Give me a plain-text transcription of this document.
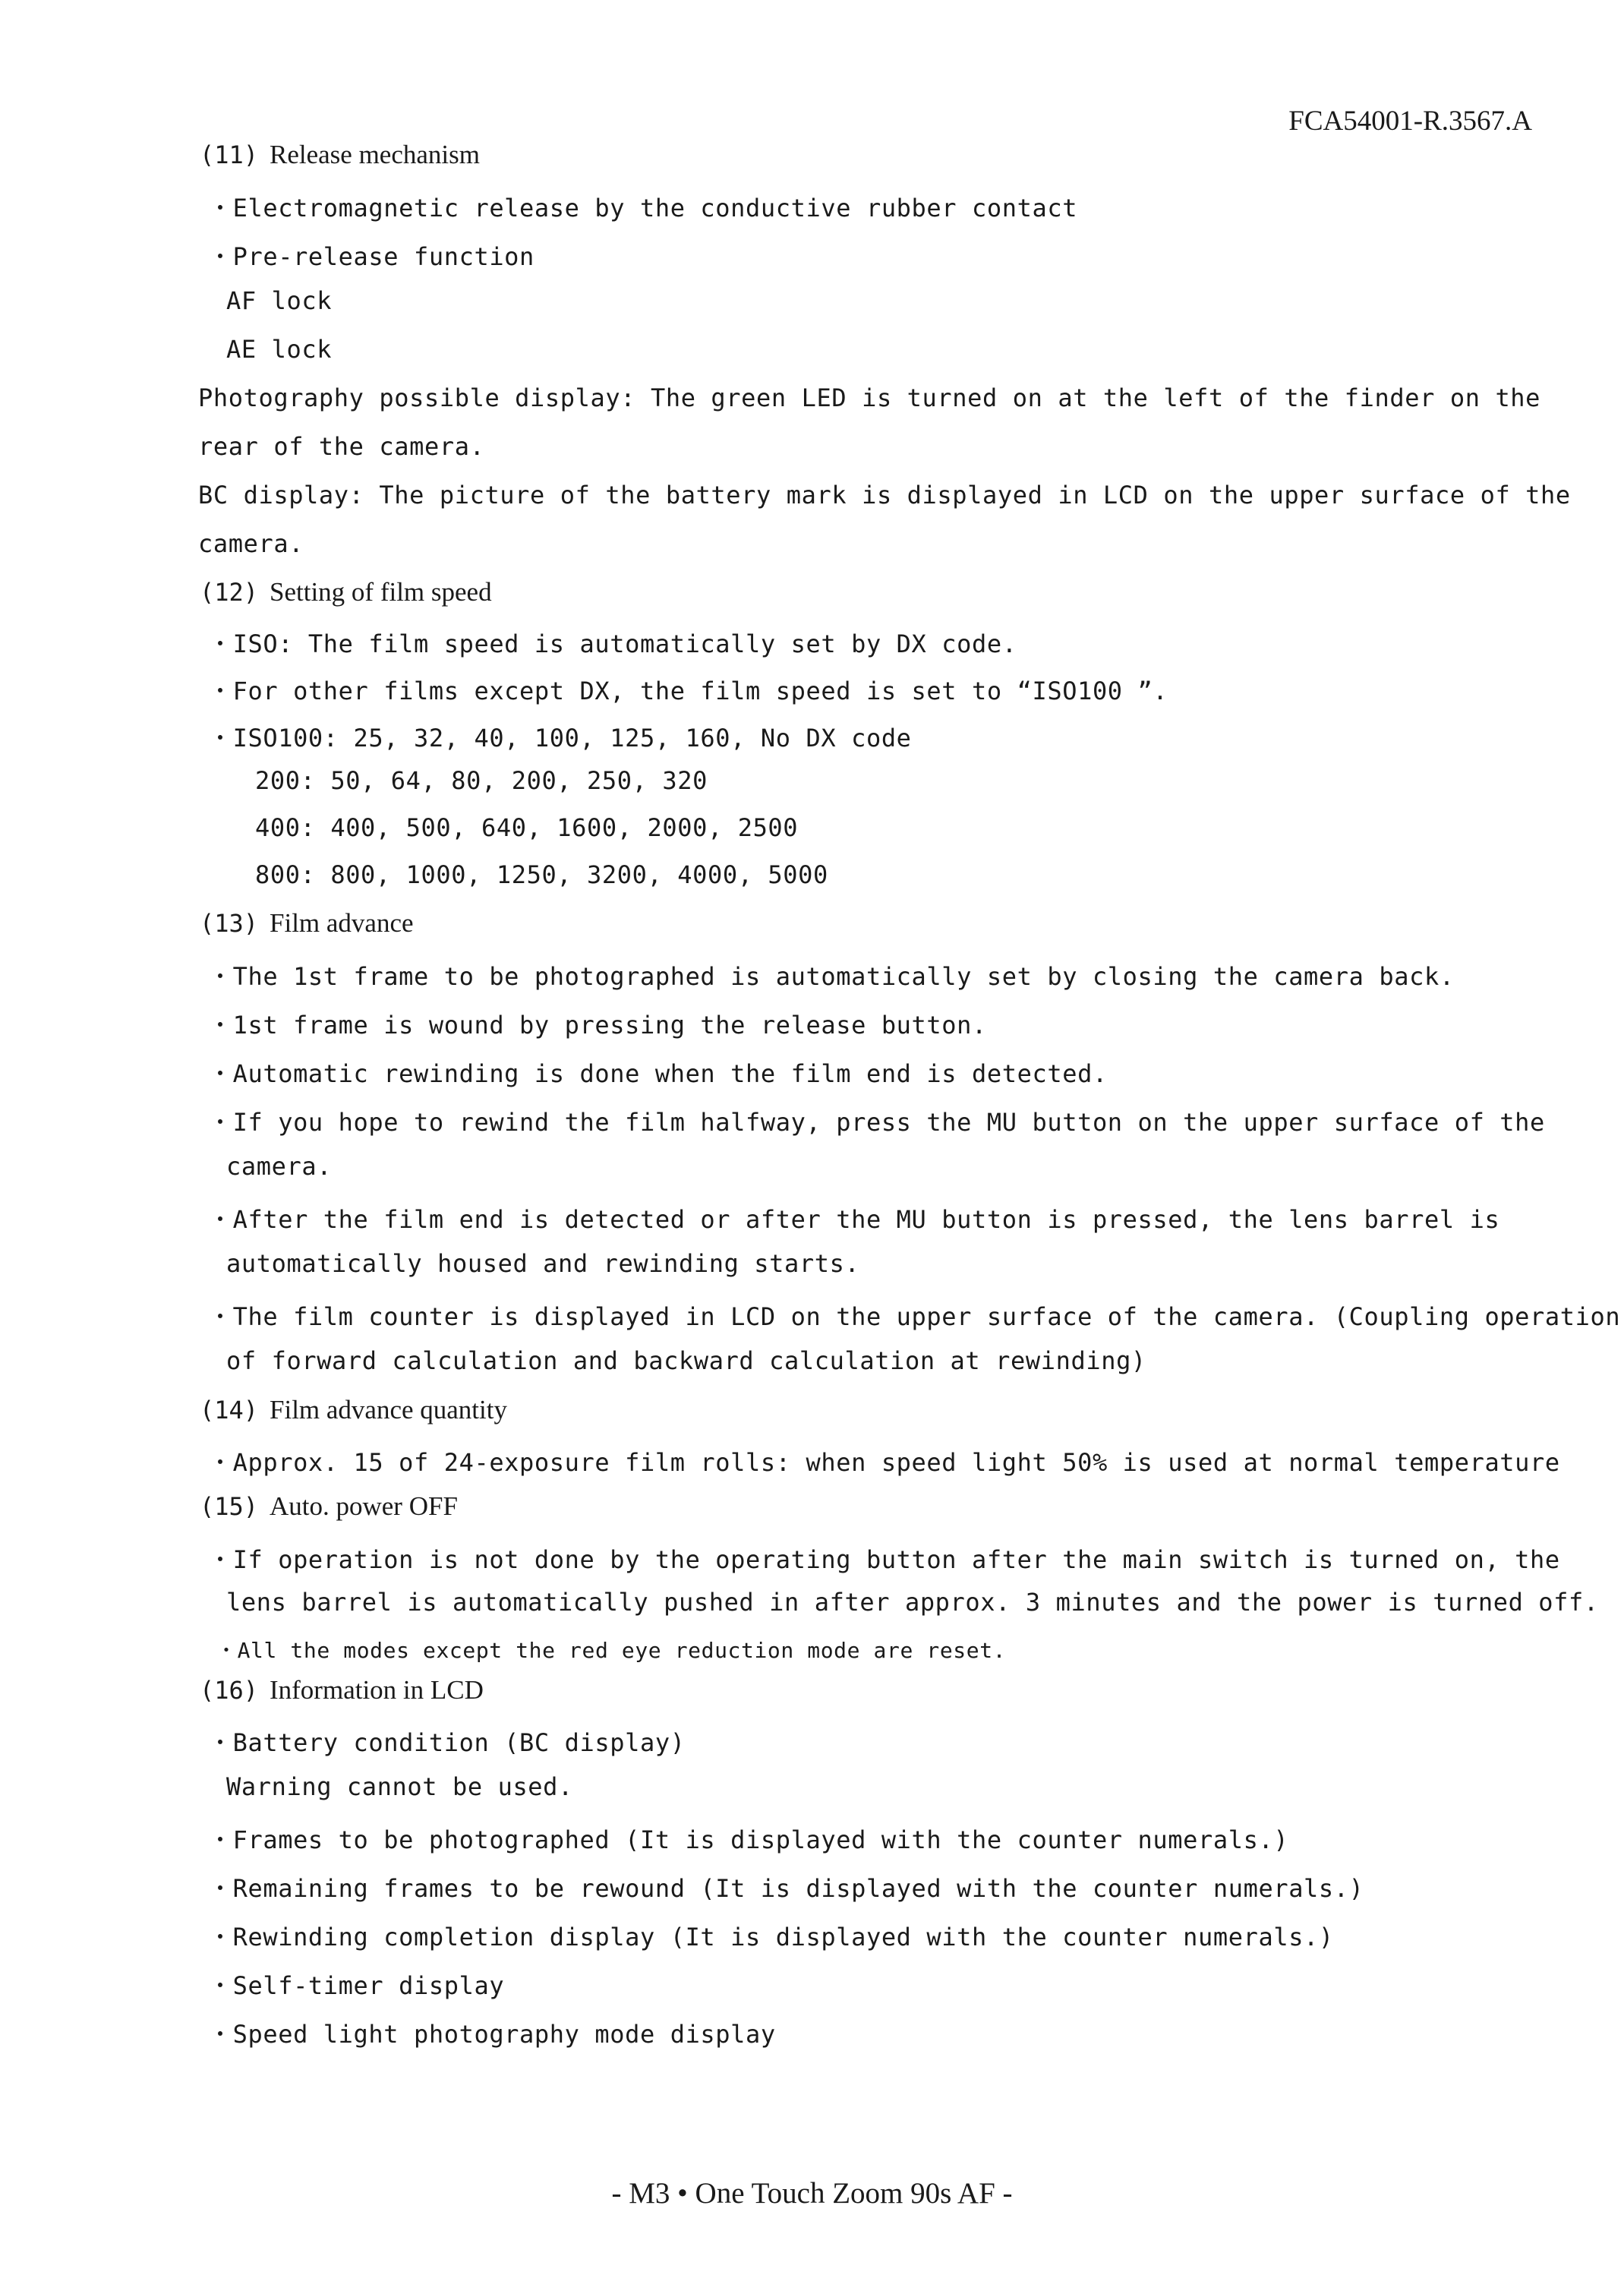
FCA54001-R.3567.A
(11) Release mechanism
・Electromagnetic release by the conductive rubber contact
・Pre-release function
AF lock
AE lock
Photography possible display: The green LED is turned on at the left of the finder on the
rear of the camera.
BC display: The picture of the battery mark is displayed in LCD on the upper surface of the
camera.
(12) Setting of film speed
・ISO: The film speed is automatically set by DX code.
・For other films except DX, the film speed is set to “ISO100 ”.
・ISO100: 25, 32, 40, 100, 125, 160, No DX code
200: 50, 64, 80, 200, 250, 320
400: 400, 500, 640, 1600, 2000, 2500
800: 800, 1000, 1250, 3200, 4000, 5000
(13) Film advance
・The 1st frame to be photographed is automatically set by closing the camera back.
・1st frame is wound by pressing the release button.
・Automatic rewinding is done when the film end is detected.
・If you hope to rewind the film halfway, press the MU button on the upper surface of the
camera.
・After the film end is detected or after the MU button is pressed, the lens barrel is
automatically housed and rewinding starts.
・The film counter is displayed in LCD on the upper surface of the camera. (Coupling operation
of forward calculation and backward calculation at rewinding)
(14) Film advance quantity
・Approx. 15 of 24-exposure film rolls: when speed light 50% is used at normal temperature
(15) Auto. power OFF
・If operation is not done by the operating button after the main switch is turned on, the
lens barrel is automatically pushed in after approx. 3 minutes and the power is turned off.
・All the modes except the red eye reduction mode are reset.
(16) Information in LCD
・Battery condition (BC display)
Warning cannot be used.
・Frames to be photographed (It is displayed with the counter numerals.)
・Remaining frames to be rewound (It is displayed with the counter numerals.)
・Rewinding completion display (It is displayed with the counter numerals.)
・Self-timer display
・Speed light photography mode display
- M3 • One Touch Zoom 90s AF -
